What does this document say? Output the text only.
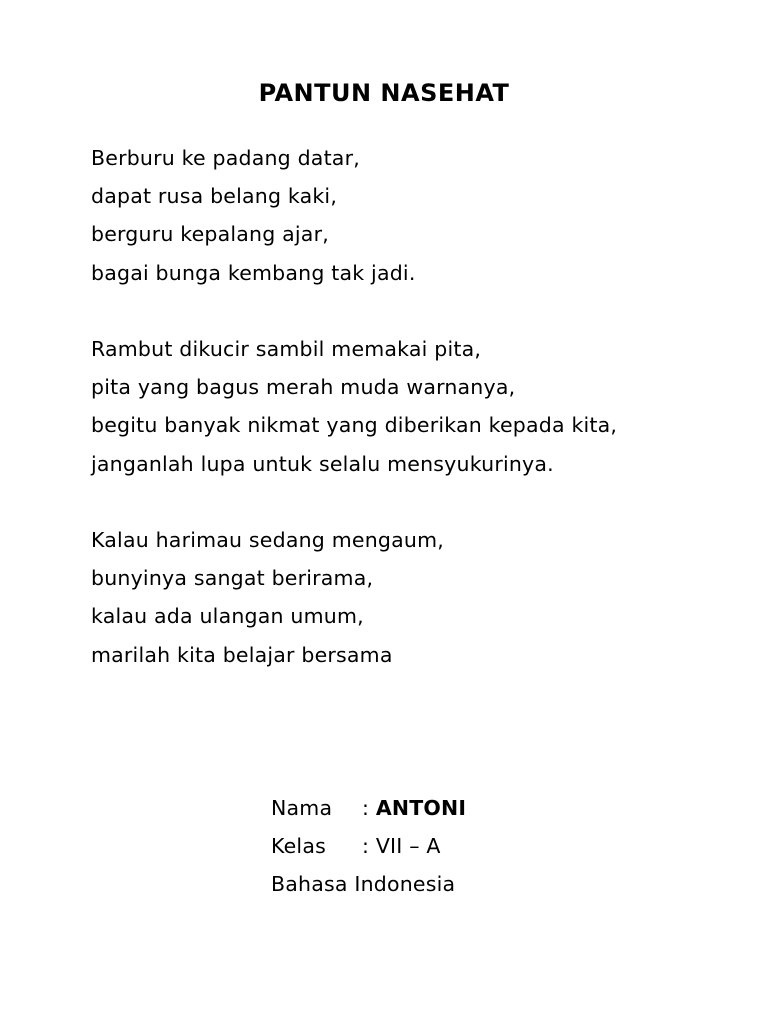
PANTUN NASEHAT
Berburu ke padang datar,
dapat rusa belang kaki,
berguru kepalang ajar,
bagai bunga kembang tak jadi.
Rambut dikucir sambil memakai pita,
pita yang bagus merah muda warnanya,
begitu banyak nikmat yang diberikan kepada kita,
janganlah lupa untuk selalu mensyukurinya.
Kalau harimau sedang mengaum,
bunyinya sangat berirama,
kalau ada ulangan umum,
marilah kita belajar bersama
Nama : ANTONI
Kelas : VII – A
Bahasa Indonesia
